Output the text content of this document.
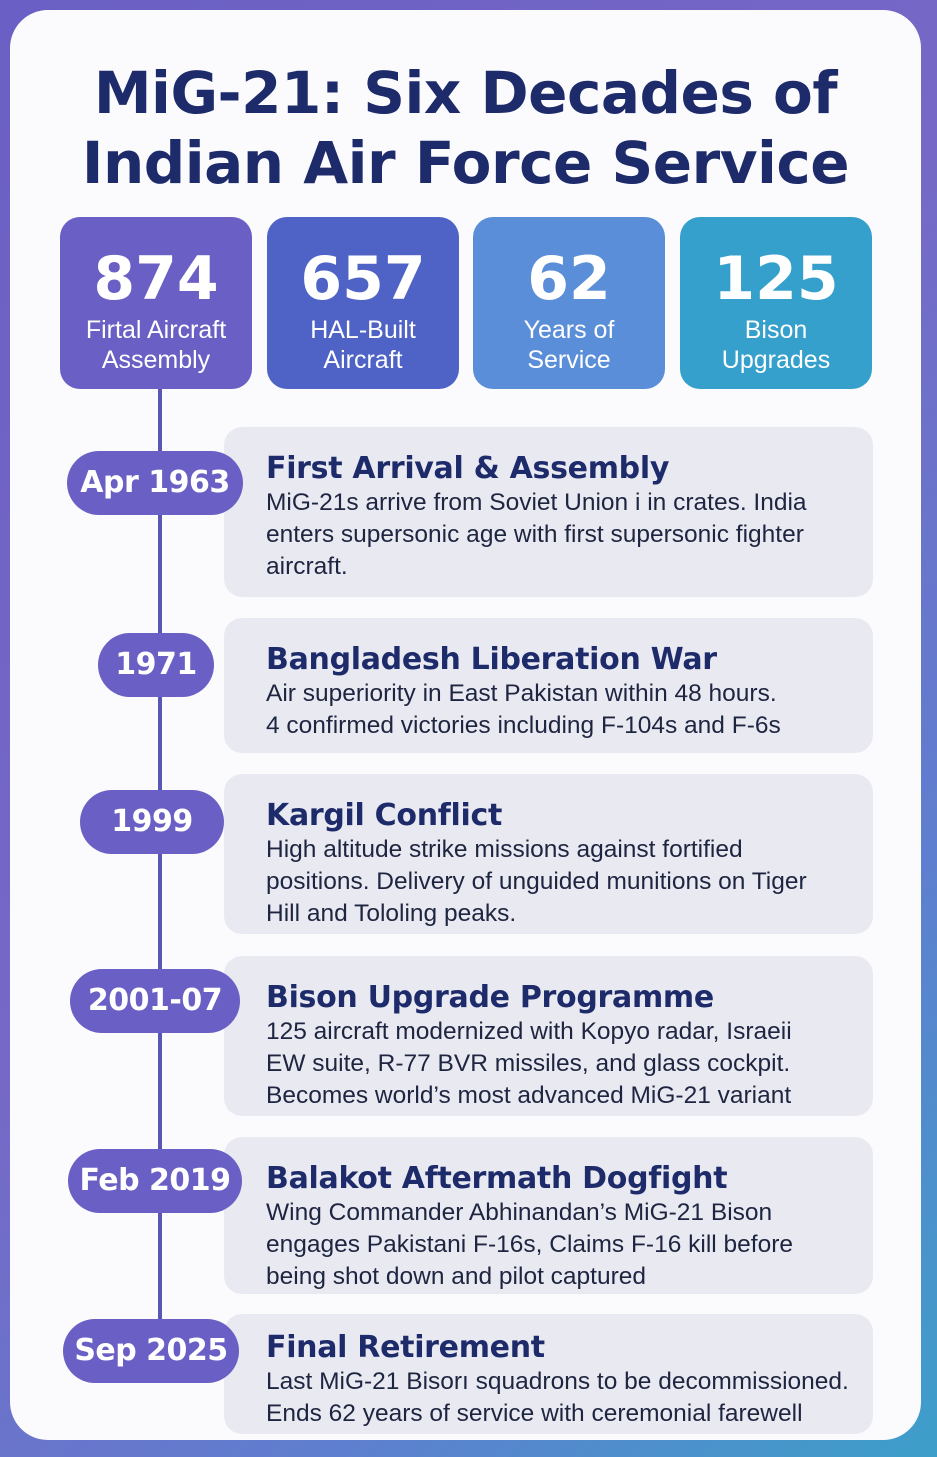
MiG-21: Six Decades of
Indian Air Force Service
874
Firtal Aircraft
Assembly
657
HAL-Built
Aircraft
62
Years of
Service
125
Bison
Upgrades
First Arrival & Assembly
MiG-21s arrive from Soviet Union i in crates. India
enters supersonic age with first supersonic fighter
aircraft.
Apr 1963
Bangladesh Liberation War
Air superiority in East Pakistan within 48 hours.
4 confirmed victories including F-104s and F-6s
1971
Kargil Conflict
High altitude strike missions against fortified
positions. Delivery of unguided munitions on Tiger
Hill and Tololing peaks.
1999
Bison Upgrade Programme
125 aircraft modernized with Kopyo radar, Israeii
EW suite, R-77 BVR missiles, and glass cockpit.
Becomes world’s most advanced MiG-21 variant
2001-07
Balakot Aftermath Dogfight
Wing Commander Abhinandan’s MiG-21 Bison
engages Pakistani F-16s, Claims F-16 kill before
being shot down and pilot captured
Feb 2019
Final Retirement
Last MiG-21 Bisorı squadrons to be decommissioned.
Ends 62 years of service with ceremonial farewell
Sep 2025
